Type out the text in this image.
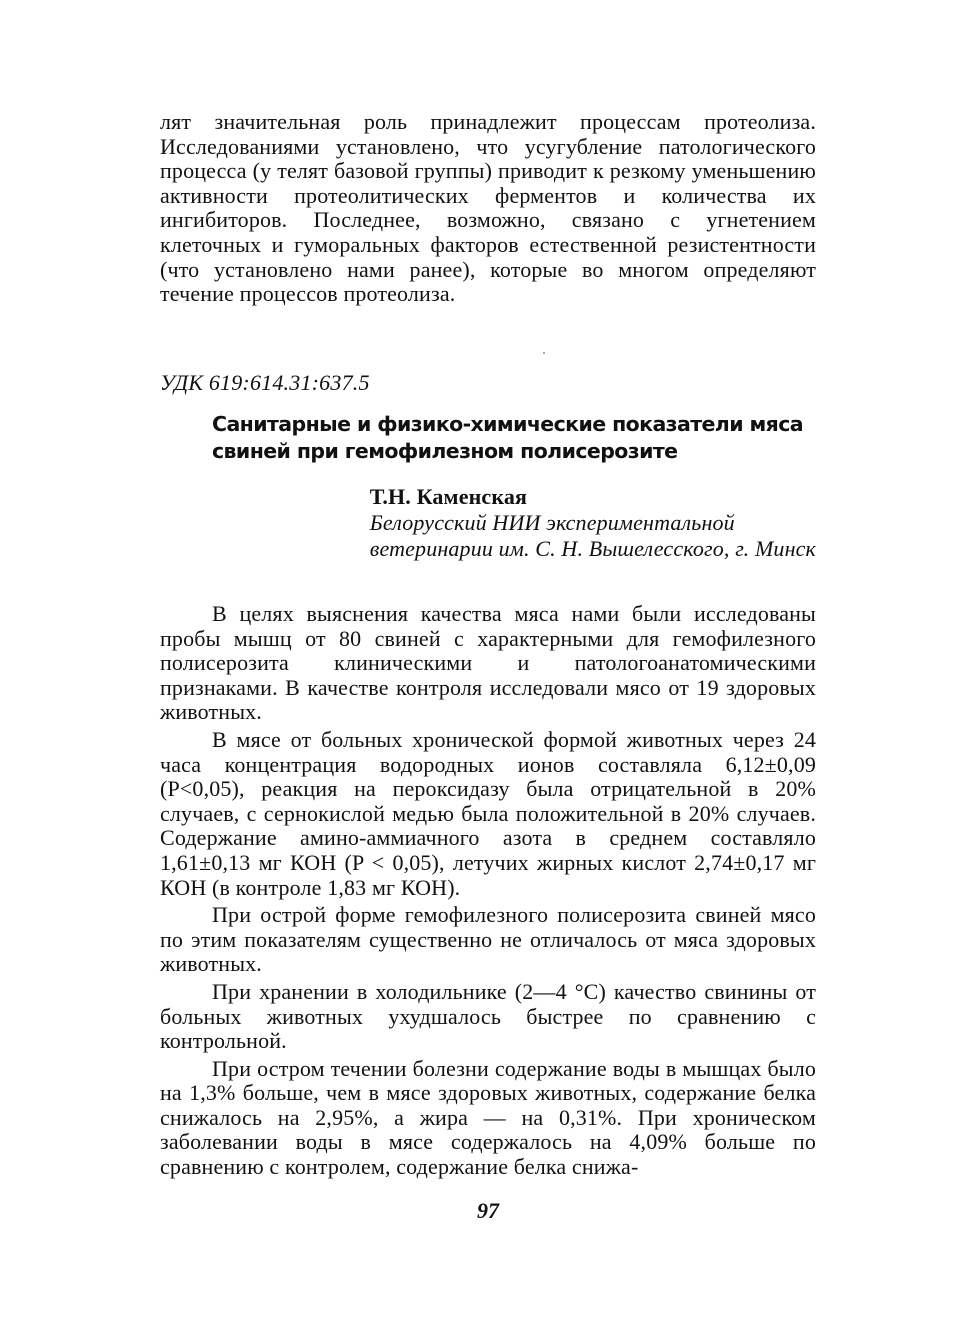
лят значительная роль принадлежит процессам протеолиза. Исследованиями установлено, что усугубление патологического процесса (у телят базовой группы) приводит к резкому уменьшению активности протеолитических ферментов и количества их ингибиторов. Последнее, возможно, связано с угнетением клеточных и гуморальных факторов естественной резистентности (что установлено нами ранее), которые во многом определяют течение процессов протеолиза.

УДК 619:614.31:637.5
Санитарные и физико-химические показатели мяса свиней при гемофилезном полисерозите

Т.Н. Каменская

Белорусский НИИ экспериментальной

ветеринарии им. С. Н. Вышелесского, г. Минск

В целях выяснения качества мяса нами были исследованы пробы мышц от 80 свиней с характерными для гемофилезного полисерозита клиническими и патологоанатомическими признаками. В качестве контроля исследовали мясо от 19 здоровых животных.

В мясе от больных хронической формой животных через 24 часа концентрация водородных ионов составляла 6,12±0,09 (P<0,05), реакция на пероксидазу была отрицательной в 20% случаев, с сернокислой медью была положительной в 20% случаев. Содержание амино-аммиачного азота в среднем составляло 1,61±0,13 мг КОН (P < 0,05), летучих жирных кислот 2,74±0,17 мг КОН (в контроле 1,83 мг КОН).

При острой форме гемофилезного полисерозита свиней мясо по этим показателям существенно не отличалось от мяса здоровых животных.

При хранении в холодильнике (2—4 °С) качество свинины от больных животных ухудшалось быстрее по сравнению с контрольной.

При остром течении болезни содержание воды в мышцах было на 1,3% больше, чем в мясе здоровых животных, содержание белка снижалось на 2,95%, а жира — на 0,31%. При хроническом заболевании воды в мясе содержалось на 4,09% больше по сравнению с контролем, содержание белка снижа-

97
